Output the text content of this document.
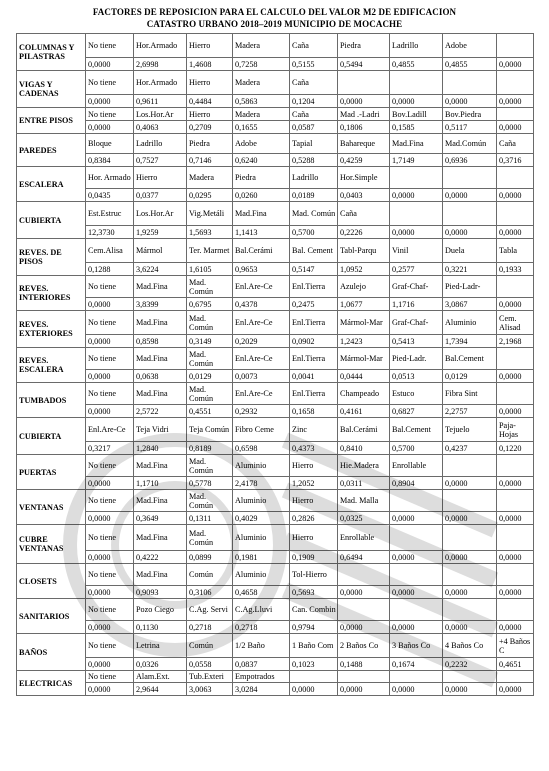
FACTORES DE REPOSICION PARA EL CALCULO DEL VALOR M2 DE EDIFICACION
CATASTRO URBANO 2018–2019 MUNICIPIO DE MOCACHE
COLUMNAS Y PILASTRAS	No tiene	Hor.Armado	Hierro	Madera	Caña	Piedra	Ladrillo	Adobe	
	0,0000	2,6998	1,4608	0,7258	0,5155	0,5494	0,4855	0,4855	0,0000
VIGAS Y CADENAS	No tiene	Hor.Armado	Hierro	Madera	Caña				
	0,0000	0,9611	0,4484	0,5863	0,1204	0,0000	0,0000	0,0000	0,0000
ENTRE PISOS	No tiene	Los.Hor.Ar	Hierro	Madera	Caña	Mad .-Ladri	Bov.Ladill	Bov.Piedra	
	0,0000	0,4063	0,2709	0,1655	0,0587	0,1806	0,1585	0,5117	0,0000
PAREDES	Bloque	Ladrillo	Piedra	Adobe	Tapial	Bahareque	Mad.Fina	Mad.Común	Caña
	0,8384	0,7527	0,7146	0,6240	0,5288	0,4259	1,7149	0,6936	0,3716
ESCALERA	Hor. Armado	Hierro	Madera	Piedra	Ladrillo	Hor.Simple			
	0,0435	0,0377	0,0295	0,0260	0,0189	0,0403	0,0000	0,0000	0,0000
CUBIERTA	Est.Estruc	Los.Hor.Ar	Vig.Metáli	Mad.Fina	Mad. Común	Caña			
	12,3730	1,9259	1,5693	1,1413	0,5700	0,2226	0,0000	0,0000	0,0000
REVES. DE PISOS	Cem.Alisa	Mármol	Ter. Marmet	Bal.Cerámi	Bal. Cement	Tabl-Parqu	Vinil	Duela	Tabla
	0,1288	3,6224	1,6105	0,9653	0,5147	1,0952	0,2577	0,3221	0,1933
REVES. INTERIORES	No tiene	Mad.Fina	Mad. Común	Enl.Are-Ce	Enl.Tierra	Azulejo	Graf-Chaf-	Pied-Ladr-	
	0,0000	3,8399	0,6795	0,4378	0,2475	1,0677	1,1716	3,0867	0,0000
REVES. EXTERIORES	No tiene	Mad.Fina	Mad. Común	Enl.Are-Ce	Enl.Tierra	Mármol-Mar	Graf-Chaf-	Aluminio	Cem. Alisad
	0,0000	0,8598	0,3149	0,2029	0,0902	1,2423	0,5413	1,7394	2,1968
REVES. ESCALERA	No tiene	Mad.Fina	Mad. Común	Enl.Are-Ce	Enl.Tierra	Mármol-Mar	Pied-Ladr.	Bal.Cement	
	0,0000	0,0638	0,0129	0,0073	0,0041	0,0444	0,0513	0,0129	0,0000
TUMBADOS	No tiene	Mad.Fina	Mad. Común	Enl.Are-Ce	Enl.Tierra	Champeado	Estuco	Fibra Sint	
	0,0000	2,5722	0,4551	0,2932	0,1658	0,4161	0,6827	2,2757	0,0000
CUBIERTA	Enl.Are-Ce	Teja Vidri	Teja Común	Fibro Ceme	Zinc	Bal.Cerámi	Bal.Cement	Tejuelo	Paja-Hojas
	0,3217	1,2840	0,8189	0,6598	0,4373	0,8410	0,5700	0,4237	0,1220
PUERTAS	No tiene	Mad.Fina	Mad. Común	Aluminio	Hierro	Hie.Madera	Enrollable		
	0,0000	1,1710	0,5778	2,4178	1,2052	0,0311	0,8904	0,0000	0,0000
VENTANAS	No tiene	Mad.Fina	Mad. Común	Aluminio	Hierro	Mad. Malla			
	0,0000	0,3649	0,1311	0,4029	0,2826	0,0325	0,0000	0,0000	0,0000
CUBRE VENTANAS	No tiene	Mad.Fina	Mad. Común	Aluminio	Hierro	Enrollable			
	0,0000	0,4222	0,0899	0,1981	0,1909	0,6494	0,0000	0,0000	0,0000
CLOSETS	No tiene	Mad.Fina	Común	Aluminio	Tol-Hierro				
	0,0000	0,9093	0,3106	0,4658	0,5693	0,0000	0,0000	0,0000	0,0000
SANITARIOS	No tiene	Pozo Ciego	C.Ag. Servi	C.Ag.Lluvi	Can. Combin				
	0,0000	0,1130	0,2718	0,2718	0,9794	0,0000	0,0000	0,0000	0,0000
BAÑOS	No tiene	Letrina	Común	1/2 Baño	1 Baño Com	2 Baños Co	3 Baños Co	4 Baños Co	+4 Baños C
	0,0000	0,0326	0,0558	0,0837	0,1023	0,1488	0,1674	0,2232	0,4651
ELECTRICAS	No tiene	Alam.Ext.	Tub.Exteri	Empotrados					
	0,0000	2,9644	3,0063	3,0284	0,0000	0,0000	0,0000	0,0000	0,0000
